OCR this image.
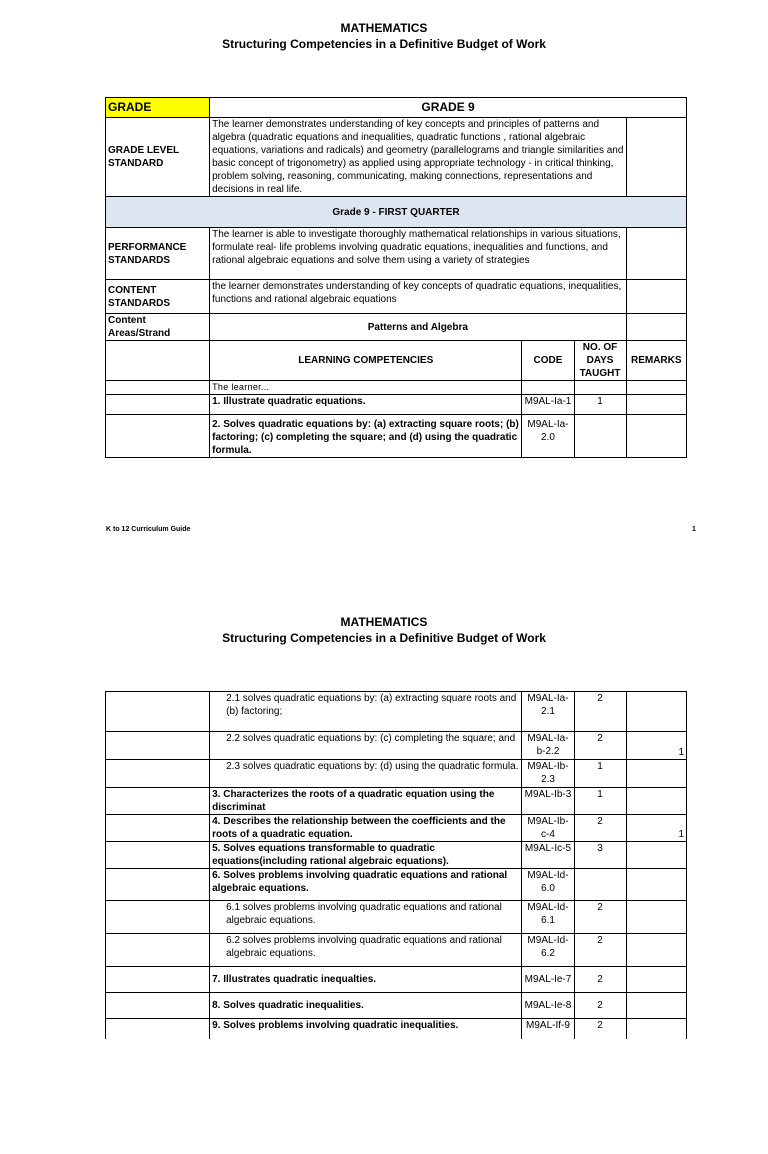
MATHEMATICS
Structuring Competencies in a Definitive Budget of Work
GRADE	GRADE 9			
GRADE LEVEL STANDARD	The learner demonstrates understanding of key concepts and principles of patterns and algebra (quadratic equations and inequalities, quadratic functions , rational algebraic equations, variations and radicals) and geometry (parallelograms and triangle similarities and basic concept of trigonometry) as applied using appropriate technology - in critical thinking, problem solving, reasoning, communicating, making connections, representations and decisions in real life.			
Grade 9 - FIRST QUARTER				
PERFORMANCE STANDARDS	The learner is able to investigate thoroughly mathematical relationships in various situations, formulate real- life problems involving quadratic equations, inequalities and functions, and rational algebraic equations and solve them using a variety of strategies			
CONTENT STANDARDS	the learner demonstrates understanding of key concepts of quadratic equations, inequalities, functions and rational algebraic equations			
Content Areas/Strand	Patterns and Algebra			
	LEARNING COMPETENCIES	CODE	NO. OF DAYS TAUGHT	REMARKS
	The learner...			
	1. Illustrate quadratic equations.	M9AL-Ia-1	1	
	2. Solves quadratic equations by: (a) extracting square roots; (b) factoring; (c) completing the square; and (d) using the quadratic formula.	M9AL-Ia-2.0		
K to 12 Curriculum Guide	1
MATHEMATICS
Structuring Competencies in a Definitive Budget of Work
	2.1 solves quadratic equations by: (a) extracting square roots and (b) factoring;	M9AL-Ia-2.1	2	
	2.2 solves quadratic equations by: (c) completing the square; and	M9AL-Ia-b-2.2	2	1
	2.3 solves quadratic equations by: (d) using the quadratic formula.	M9AL-Ib-2.3	1	
	3. Characterizes the roots of a quadratic equation using the discriminat	M9AL-Ib-3	1	
	4. Describes the relationship between the coefficients and the roots of a quadratic equation.	M9AL-Ib-c-4	2	1
	5. Solves equations transformable to quadratic equations(including rational algebraic equations).	M9AL-Ic-5	3	
	6. Solves problems involving quadratic equations and rational algebraic equations.	M9AL-Id-6.0		
	6.1 solves problems involving quadratic equations and rational algebraic equations.	M9AL-Id-6.1	2	
	6.2 solves problems involving quadratic equations and rational algebraic equations.	M9AL-Id-6.2	2	
	7. Illustrates quadratic inequalties.	M9AL-Ie-7	2	
	8. Solves quadratic inequalities.	M9AL-Ie-8	2	
	9. Solves problems involving quadratic inequalities.	M9AL-If-9	2	
